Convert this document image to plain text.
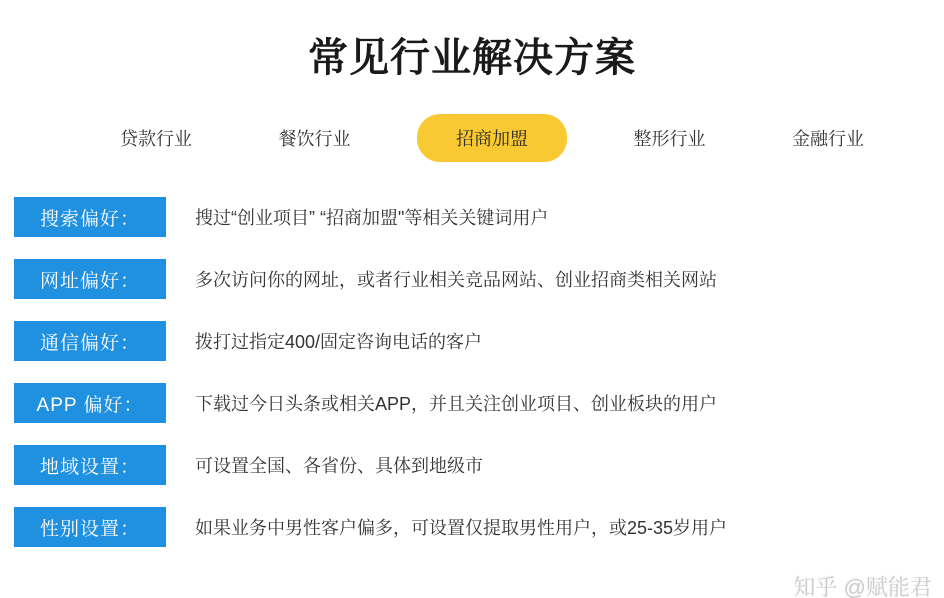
常见行业解决方案
贷款行业	餐饮行业	招商加盟	整形行业	金融行业
搜索偏好：	搜过“创业项目” “招商加盟"等相关关键词用户
网址偏好：	多次访问你的网址，或者行业相关竞品网站、创业招商类相关网站
通信偏好：	拨打过指定400/固定咨询电话的客户
APP 偏好：	下载过今日头条或相关APP，并且关注创业项目、创业板块的用户
地域设置：	可设置全国、各省份、具体到地级市
性别设置：	如果业务中男性客户偏多，可设置仅提取男性用户，或25-35岁用户
知乎 @赋能君
